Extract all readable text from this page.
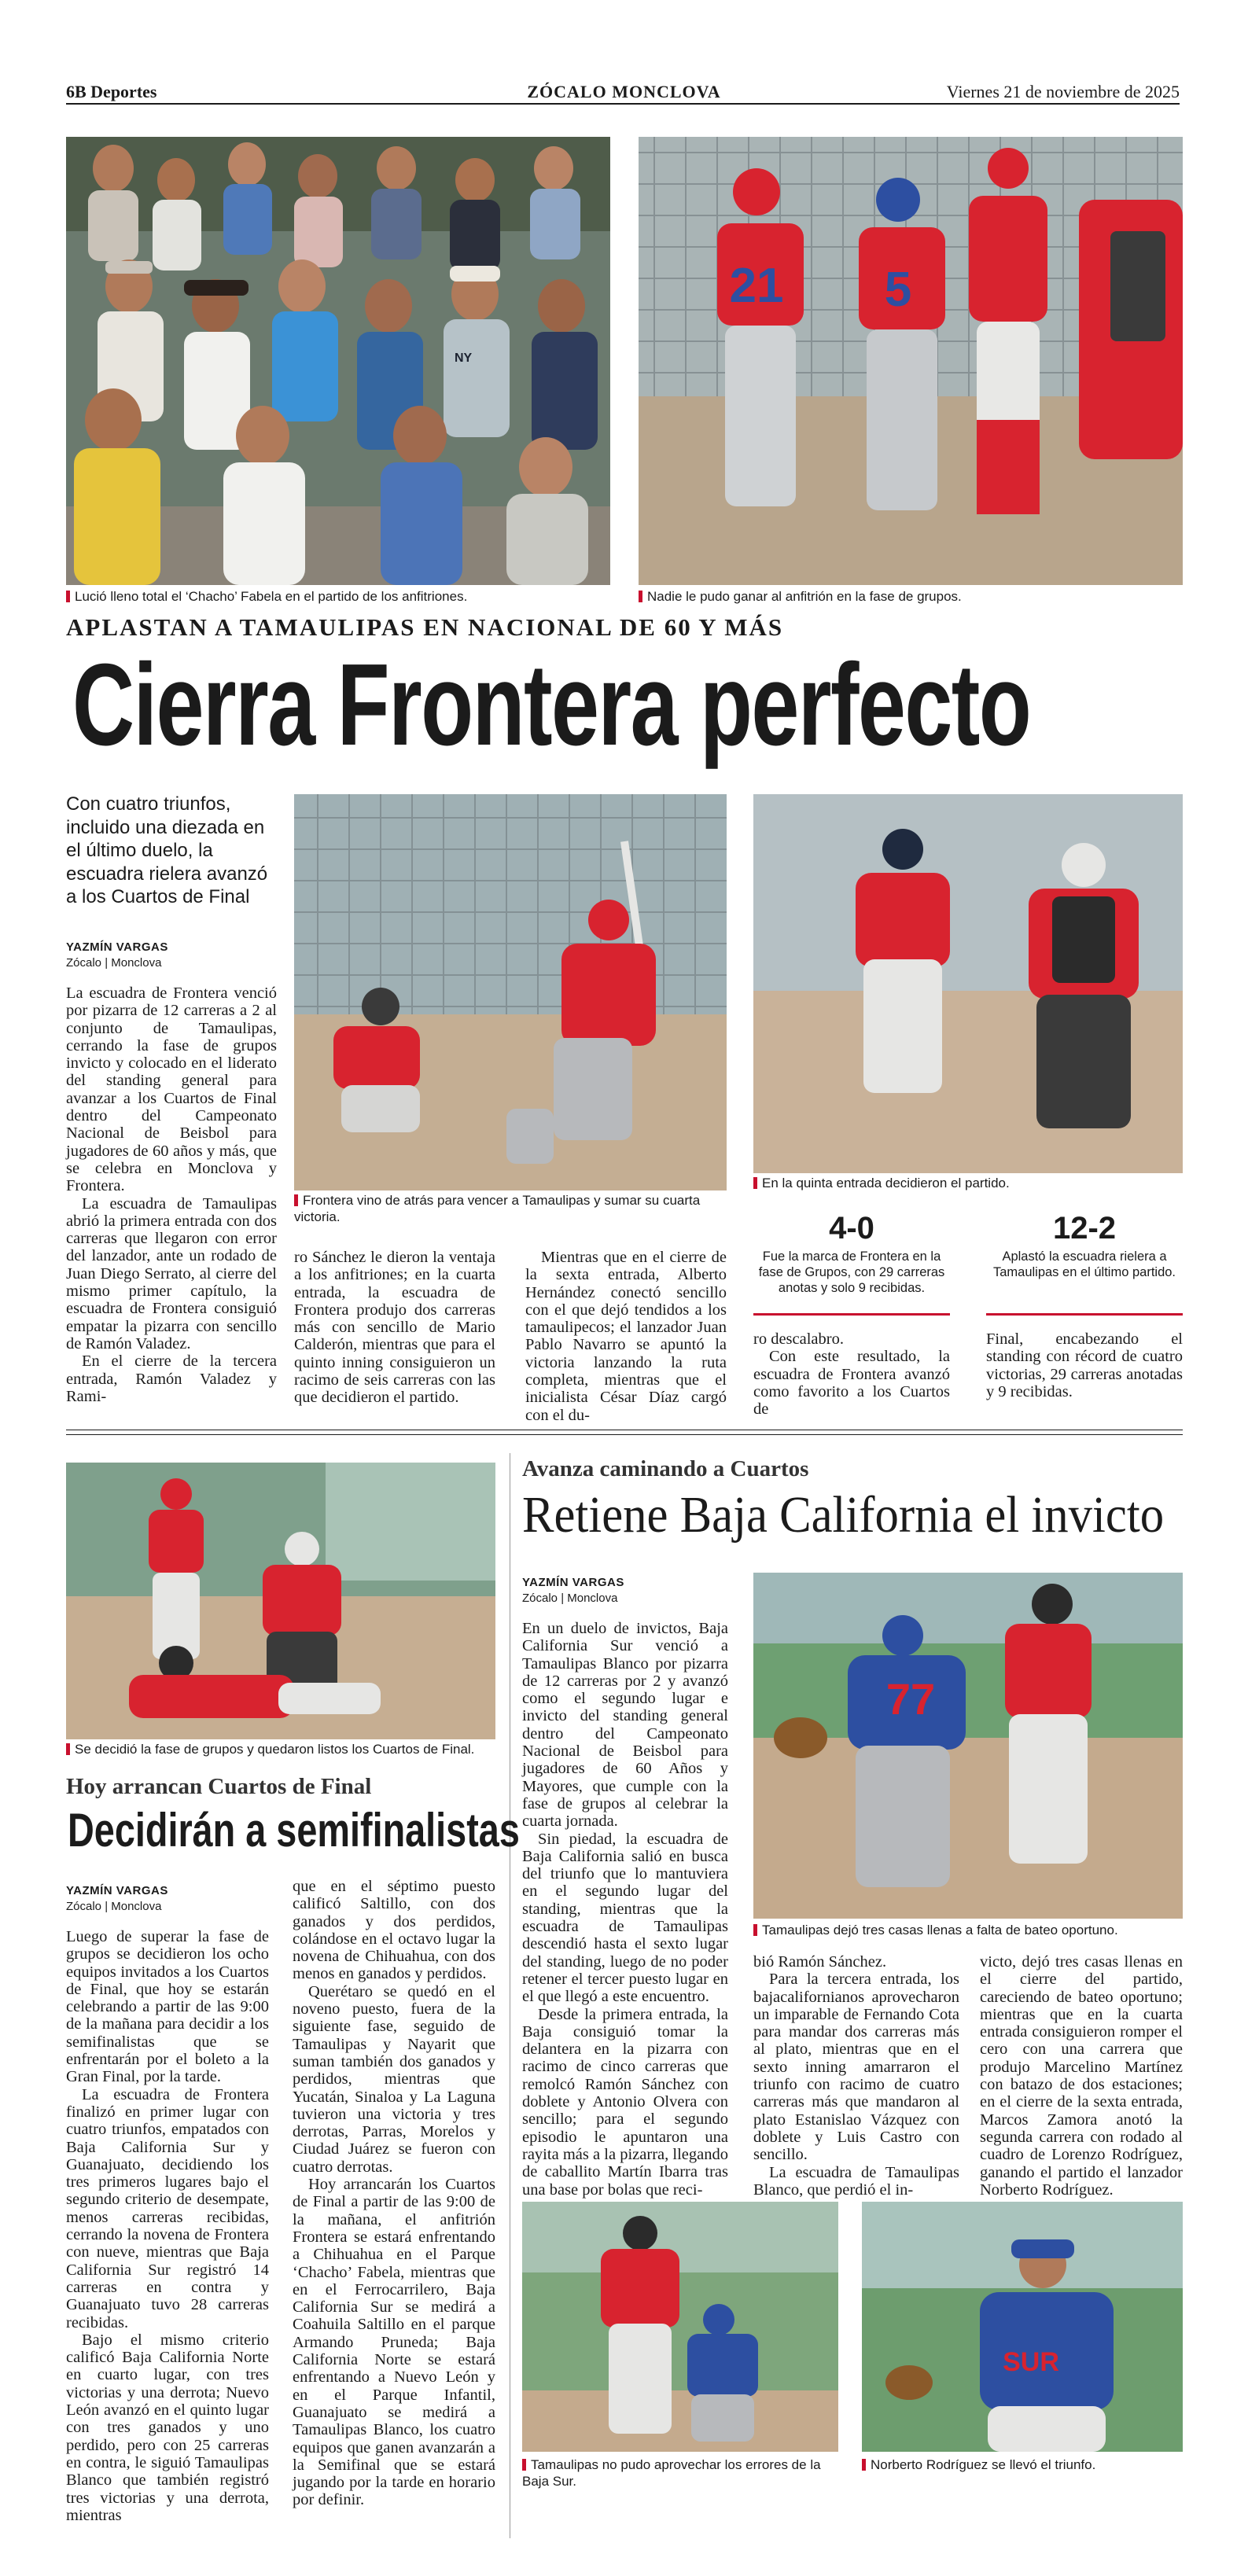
6B Deportes	ZÓCALO MONCLOVA	Viernes 21 de noviembre de 2025
NY
21 5
Lució lleno total el ‘Chacho’ Fabela en el partido de los anfitriones.	Nadie le pudo ganar al anfitrión en la fase de grupos.
APLASTAN A TAMAULIPAS EN NACIONAL DE 60 Y MÁS
Cierra Frontera perfecto
Con cuatro triunfos, incluido una diezada en el último duelo, la escuadra rielera avanzó a los Cuartos de Final
YAZMÍN VARGAS
Zócalo | Monclova
Frontera vino de atrás para vencer a Tamaulipas y sumar su cuarta victoria.
En la quinta entrada decidieron el partido.
4-0
Fue la marca de Frontera en la fase de Grupos, con 29 carreras anotas y solo 9 recibidas.
12-2
Aplastó la escuadra rielera a Tamaulipas en el último partido.

La escuadra de Frontera venció por pizarra de 12 carreras a 2 al conjunto de Tamaulipas, cerrando la fase de grupos invicto y colocado en el liderato del standing general para avanzar a los Cuartos de Final dentro del Campeonato Nacional de Beisbol para jugadores de 60 años y más, que se celebra en Monclova y Frontera.

La escuadra de Tamaulipas abrió la primera entrada con dos carreras que llegaron con error del lanzador, ante un rodado de Juan Diego Serrato, al cierre del mismo primer capítulo, la escuadra de Frontera consiguió empatar la pizarra con sencillo de Ramón Valadez.

En el cierre de la tercera entrada, Ramón Valadez y Rami-

ro Sánchez le dieron la ventaja a los anfitriones; en la cuarta entrada, la escuadra de Frontera produjo dos carreras más con sencillo de Mario Calderón, mientras que para el quinto inning consiguieron un racimo de seis carreras con las que decidieron el partido.

Mientras que en el cierre de la sexta entrada, Alberto Hernández conectó sencillo con el que dejó tendidos a los tamaulipecos; el lanzador Juan Pablo Navarro se apuntó la victoria lanzando la ruta completa, mientras que el inicialista César Díaz cargó con el du-

ro descalabro.

Con este resultado, la escuadra de Frontera avanzó como favorito a los Cuartos de

Final, encabezando el standing con récord de cuatro victorias, 29 carreras anotadas y 9 recibidas.

Se decidió la fase de grupos y quedaron listos los Cuartos de Final.
Hoy arrancan Cuartos de Final
Decidirán a semifinalistas
YAZMÍN VARGAS
Zócalo | Monclova

Luego de superar la fase de grupos se decidieron los ocho equipos invitados a los Cuartos de Final, que hoy se estarán celebrando a partir de las 9:00 de la mañana para decidir a los semifinalistas que se enfrentarán por el boleto a la Gran Final, por la tarde.

La escuadra de Frontera finalizó en primer lugar con cuatro triunfos, empatados con Baja California Sur y Guanajuato, decidiendo los tres primeros lugares bajo el segundo criterio de desempate, menos carreras recibidas, cerrando la novena de Frontera con nueve, mientras que Baja California Sur registró 14 carreras en contra y Guanajuato tuvo 28 carreras recibidas.

Bajo el mismo criterio calificó Baja California Norte en cuarto lugar, con tres victorias y una derrota; Nuevo León avanzó en el quinto lugar con tres ganados y uno perdido, pero con 25 carreras en contra, le siguió Tamaulipas Blanco que también registró tres victorias y una derrota, mientras

que en el séptimo puesto calificó Saltillo, con dos ganados y dos perdidos, colándose en el octavo lugar la novena de Chihuahua, con dos menos en ganados y perdidos.

Querétaro se quedó en el noveno puesto, fuera de la siguiente fase, seguido de Tamaulipas y Nayarit que suman también dos ganados y perdidos, mientras que Yucatán, Sinaloa y La Laguna tuvieron una victoria y tres derrotas, Parras, Morelos y Ciudad Juárez se fueron con cuatro derrotas.

Hoy arrancarán los Cuartos de Final a partir de las 9:00 de la mañana, el anfitrión Frontera se estará enfrentando a Chihuahua en el Parque ‘Chacho’ Fabela, mientras que en el Ferrocarrilero, Baja California Sur se medirá a Coahuila Saltillo en el parque Armando Pruneda; Baja California Norte se estará enfrentando a Nuevo León y en el Parque Infantil, Guanajuato se medirá a Tamaulipas Blanco, los cuatro equipos que ganen avanzarán a la Semifinal que se estará jugando por la tarde en horario por definir.

Avanza caminando a Cuartos
Retiene Baja California el invicto
YAZMÍN VARGAS
Zócalo | Monclova
77
Tamaulipas dejó tres casas llenas a falta de bateo oportuno.

En un duelo de invictos, Baja California Sur venció a Tamaulipas Blanco por pizarra de 12 carreras por 2 y avanzó como el segundo lugar e invicto del standing general dentro del Campeonato Nacional de Beisbol para jugadores de 60 Años y Mayores, que cumple con la fase de grupos al celebrar la cuarta jornada.

Sin piedad, la escuadra de Baja California salió en busca del triunfo que lo mantuviera en el segundo lugar del standing, mientras que la escuadra de Tamaulipas descendió hasta el sexto lugar del standing, luego de no poder retener el tercer puesto lugar en el que llegó a este encuentro.

Desde la primera entrada, la Baja consiguió tomar la delantera en la pizarra con racimo de cinco carreras que remolcó Ramón Sánchez con doblete y Antonio Olvera con sencillo; para el segundo episodio le apuntaron una rayita más a la pizarra, llegando de caballito Martín Ibarra tras una base por bolas que reci-

bió Ramón Sánchez.

Para la tercera entrada, los bajacalifornianos aprovecharon un imparable de Fernando Cota para mandar dos carreras más al plato, mientras que en el sexto inning amarraron el triunfo con racimo de cuatro carreras más que mandaron al plato Estanislao Vázquez con doblete y Luis Castro con sencillo.

La escuadra de Tamaulipas Blanco, que perdió el in-

victo, dejó tres casas llenas en el cierre del partido, careciendo de bateo oportuno; mientras que en la cuarta entrada consiguieron romper el cero con una carrera que produjo Marcelino Martínez con batazo de dos estaciones; en el cierre de la sexta entrada, Marcos Zamora anotó la segunda carrera con rodado al cuadro de Lorenzo Rodríguez, ganando el partido el lanzador Norberto Rodríguez.

Tamaulipas no pudo aprovechar los errores de la Baja Sur.
SUR
Norberto Rodríguez se llevó el triunfo.
